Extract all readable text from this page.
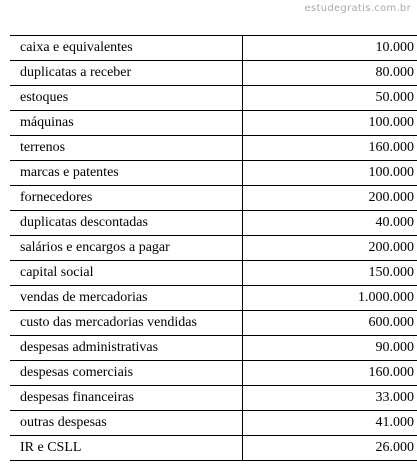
estudegratis.com.br
caixa e equivalentes	10.000
duplicatas a receber	80.000
estoques	50.000
máquinas	100.000
terrenos	160.000
marcas e patentes	100.000
fornecedores	200.000
duplicatas descontadas	40.000
salários e encargos a pagar	200.000
capital social	150.000
vendas de mercadorias	1.000.000
custo das mercadorias vendidas	600.000
despesas administrativas	90.000
despesas comerciais	160.000
despesas financeiras	33.000
outras despesas	41.000
IR e CSLL	26.000
